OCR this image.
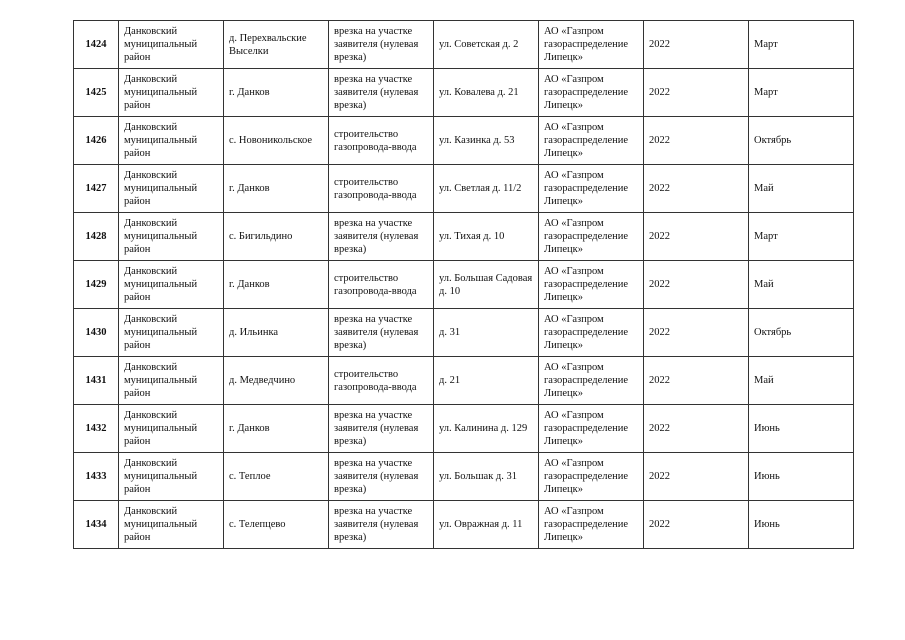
1424	Данковский муниципальный район	д. Перехвальские Выселки	врезка на участке заявителя (нулевая врезка)	ул. Советская д. 2	АО «Газпром газораспределение Липецк»	2022	Март
1425	Данковский муниципальный район	г. Данков	врезка на участке заявителя (нулевая врезка)	ул. Ковалева д. 21	АО «Газпром газораспределение Липецк»	2022	Март
1426	Данковский муниципальный район	с. Новоникольское	строительство газопровода-ввода	ул. Казинка д. 53	АО «Газпром газораспределение Липецк»	2022	Октябрь
1427	Данковский муниципальный район	г. Данков	строительство газопровода-ввода	ул. Светлая д. 11/2	АО «Газпром газораспределение Липецк»	2022	Май
1428	Данковский муниципальный район	с. Бигильдино	врезка на участке заявителя (нулевая врезка)	ул. Тихая д. 10	АО «Газпром газораспределение Липецк»	2022	Март
1429	Данковский муниципальный район	г. Данков	строительство газопровода-ввода	ул. Большая Садовая д. 10	АО «Газпром газораспределение Липецк»	2022	Май
1430	Данковский муниципальный район	д. Ильинка	врезка на участке заявителя (нулевая врезка)	д. 31	АО «Газпром газораспределение Липецк»	2022	Октябрь
1431	Данковский муниципальный район	д. Медведчино	строительство газопровода-ввода	д. 21	АО «Газпром газораспределение Липецк»	2022	Май
1432	Данковский муниципальный район	г. Данков	врезка на участке заявителя (нулевая врезка)	ул. Калинина д. 129	АО «Газпром газораспределение Липецк»	2022	Июнь
1433	Данковский муниципальный район	с. Теплое	врезка на участке заявителя (нулевая врезка)	ул. Большак д. 31	АО «Газпром газораспределение Липецк»	2022	Июнь
1434	Данковский муниципальный район	с. Телепцево	врезка на участке заявителя (нулевая врезка)	ул. Овражная д. 11	АО «Газпром газораспределение Липецк»	2022	Июнь
